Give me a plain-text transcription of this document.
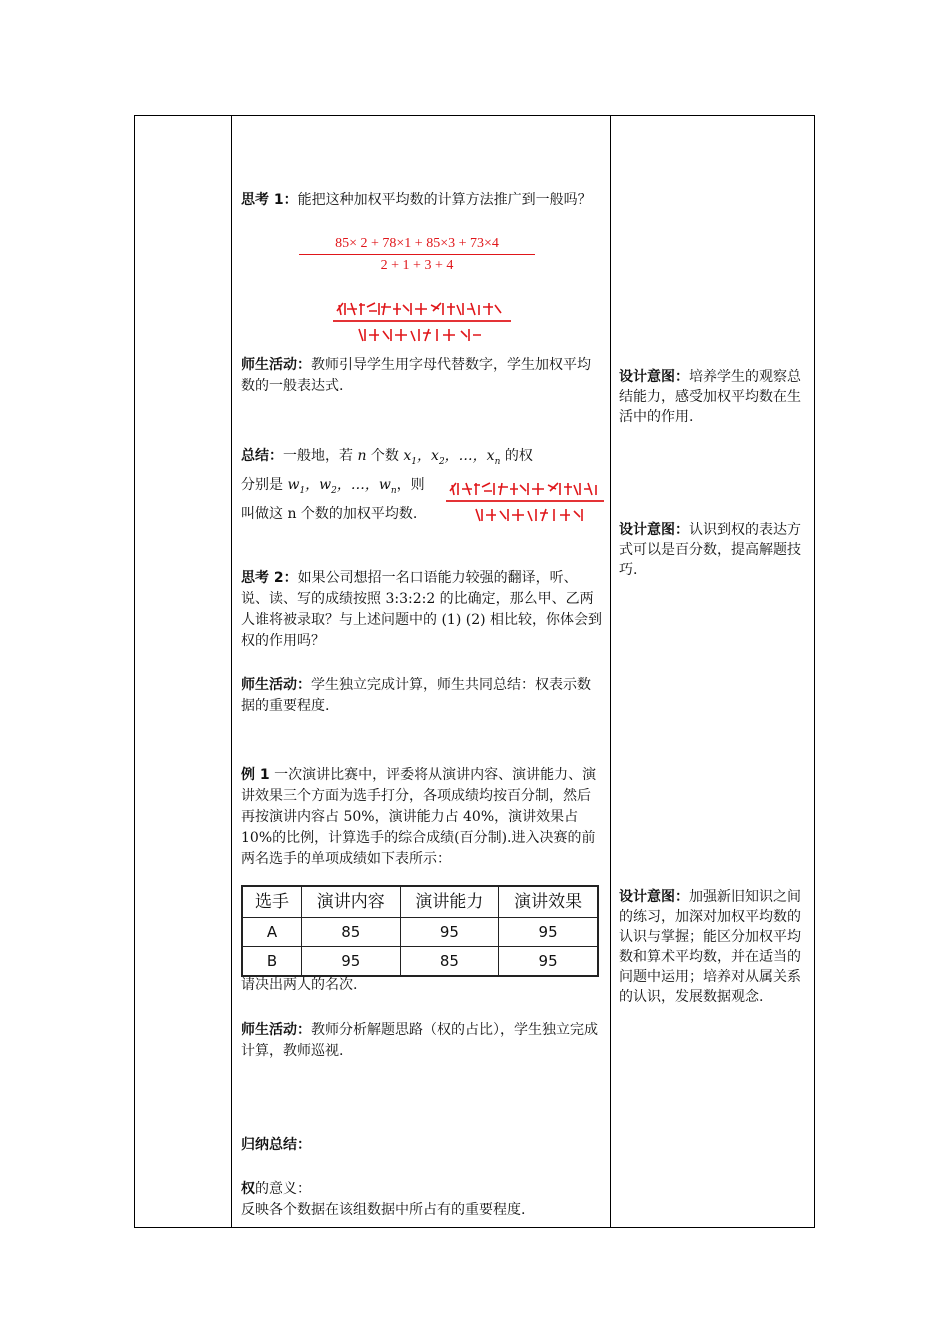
思考 1：能把这种加权平均数的计算方法推广到一般吗？
85× 2 + 78×1 + 85×3 + 73×4
2 + 1 + 3 + 4
师生活动：教师引导学生用字母代替数字，学生加权平均数的一般表达式.
总结：一般地，若 n 个数 $x_1$，$x_2$，…，$x_n$ 的权
分别是 $w_1$，$w_2$，…，$w_n$，则
叫做这 n 个数的加权平均数.
思考 2：如果公司想招一名口语能力较强的翻译，听、说、读、写的成绩按照 3:3:2:2 的比确定，那么甲、乙两人谁将被录取？与上述问题中的 (1) (2) 相比较，你体会到权的作用吗？
师生活动：学生独立完成计算，师生共同总结：权表示数据的重要程度.
例 1 一次演讲比赛中，评委将从演讲内容、演讲能力、演讲效果三个方面为选手打分，各项成绩均按百分制，然后再按演讲内容占 50%，演讲能力占 40%，演讲效果占 10%的比例，计算选手的综合成绩(百分制).进入决赛的前两名选手的单项成绩如下表所示：
选手	演讲内容	演讲能力	演讲效果
A	85	95	95
B	95	85	95
请决出两人的名次.
师生活动：教师分析解题思路（权的占比），学生独立完成计算，教师巡视.
归纳总结：
权的意义：
反映各个数据在该组数据中所占有的重要程度.
设计意图：培养学生的观察总结能力，感受加权平均数在生活中的作用.
设计意图：认识到权的表达方式可以是百分数，提高解题技巧.
设计意图：加强新旧知识之间的练习，加深对加权平均数的认识与掌握；能区分加权平均数和算术平均数，并在适当的问题中运用；培养对从属关系的认识，发展数据观念.
